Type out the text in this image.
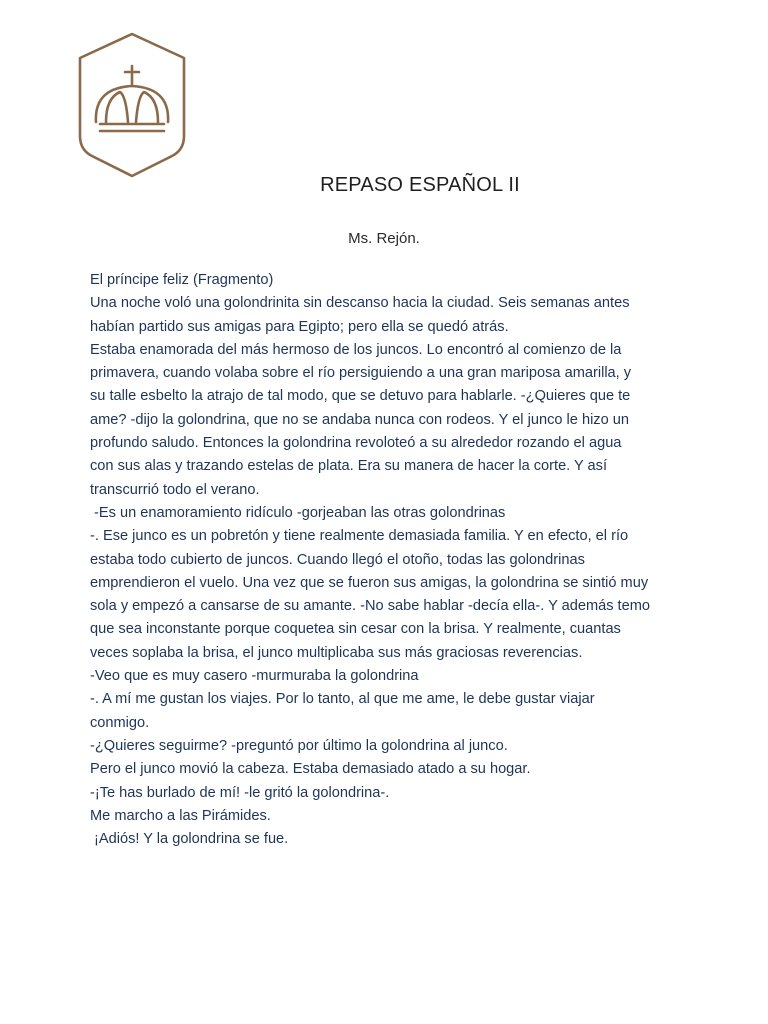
REPASO ESPAÑOL II
Ms. Rejón.
El príncipe feliz (Fragmento)
Una noche voló una golondrinita sin descanso hacia la ciudad. Seis semanas antes
habían partido sus amigas para Egipto; pero ella se quedó atrás.
Estaba enamorada del más hermoso de los juncos. Lo encontró al comienzo de la
primavera, cuando volaba sobre el río persiguiendo a una gran mariposa amarilla, y
su talle esbelto la atrajo de tal modo, que se detuvo para hablarle. -¿Quieres que te
ame? -dijo la golondrina, que no se andaba nunca con rodeos. Y el junco le hizo un
profundo saludo. Entonces la golondrina revoloteó a su alrededor rozando el agua
con sus alas y trazando estelas de plata. Era su manera de hacer la corte. Y así
transcurrió todo el verano.
-Es un enamoramiento ridículo -gorjeaban las otras golondrinas
-. Ese junco es un pobretón y tiene realmente demasiada familia. Y en efecto, el río
estaba todo cubierto de juncos. Cuando llegó el otoño, todas las golondrinas
emprendieron el vuelo. Una vez que se fueron sus amigas, la golondrina se sintió muy
sola y empezó a cansarse de su amante. -No sabe hablar -decía ella-. Y además temo
que sea inconstante porque coquetea sin cesar con la brisa. Y realmente, cuantas
veces soplaba la brisa, el junco multiplicaba sus más graciosas reverencias.
-Veo que es muy casero -murmuraba la golondrina
-. A mí me gustan los viajes. Por lo tanto, al que me ame, le debe gustar viajar
conmigo.
-¿Quieres seguirme? -preguntó por último la golondrina al junco.
Pero el junco movió la cabeza. Estaba demasiado atado a su hogar.
-¡Te has burlado de mí! -le gritó la golondrina-.
Me marcho a las Pirámides.
¡Adiós! Y la golondrina se fue.
